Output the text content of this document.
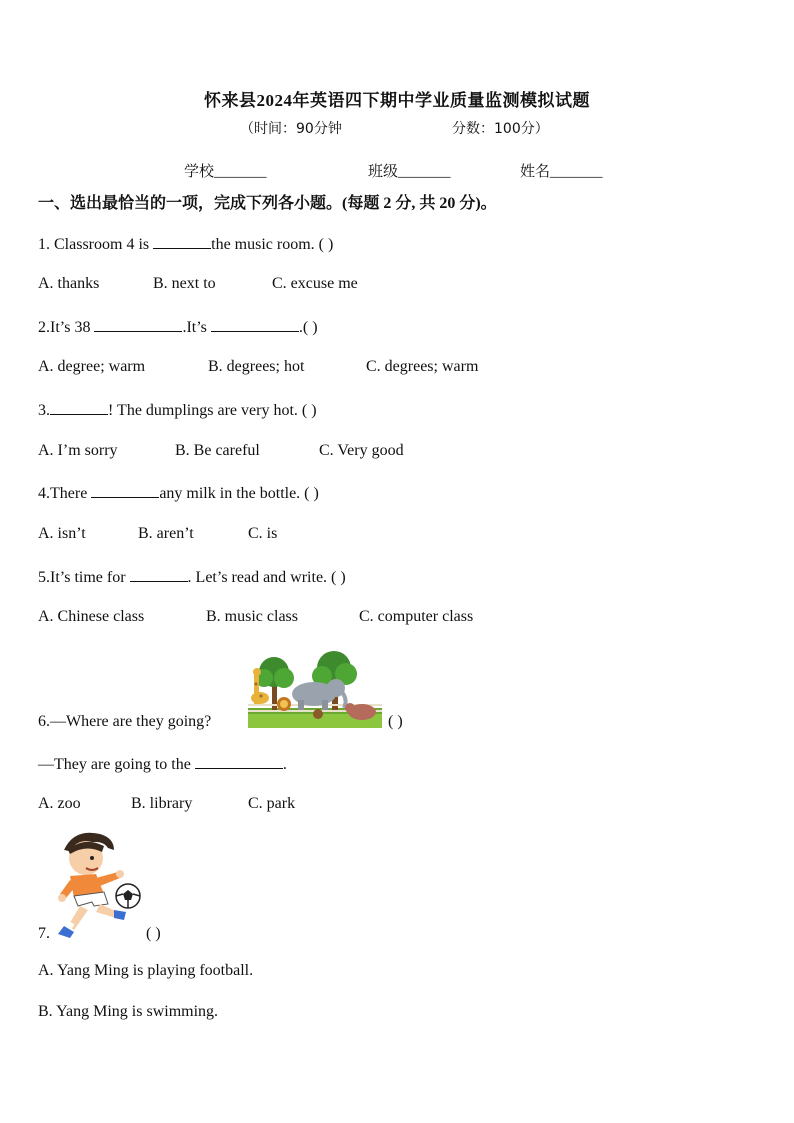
怀来县2024年英语四下期中学业质量监测模拟试题
（时间：90分钟	分数：100分）
学校_______	班级_______	姓名_______
一、选出最恰当的一项，完成下列各小题。(每题 2 分, 共 20 分)。
1. Classroom 4 is	the music room. ( )
A. thanks	B. next to	C. excuse me
2.It’s 38	.It’s	.( )
A. degree; warm	B. degrees; hot	C. degrees; warm
3.	! The dumplings are very hot. ( )
A. I’m sorry	B. Be careful	C. Very good
4.There	any milk in the bottle. ( )
A. isn’t	B. aren’t	C. is
5.It’s time for	. Let’s read and write. ( )
A. Chinese class	B. music class	C. computer class
6.—Where are they going?	( )
—They are going to the	.
A. zoo	B. library	C. park
7.	( )
A. Yang Ming is playing football.
B. Yang Ming is swimming.
